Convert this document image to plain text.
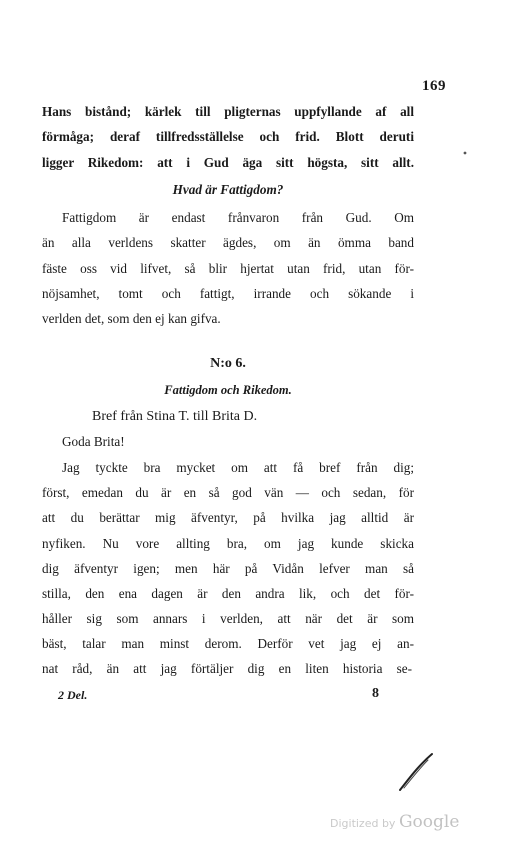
169
Hans bistånd; kärlek till pligternas uppfyllande af all
förmåga; deraf tillfredsställelse och frid. Blott deruti
ligger Rikedom: att i Gud äga sitt högsta, sitt allt.
Hvad är Fattigdom?
Fattigdom är endast frånvaron från Gud. Om
än alla verldens skatter ägdes, om än ömma band
fäste oss vid lifvet, så blir hjertat utan frid, utan för-
nöjsamhet, tomt och fattigt, irrande och sökande i
verlden det, som den ej kan gifva.
N:o 6.
Fattigdom och Rikedom.
Bref från Stina T. till Brita D.
Goda Brita!
Jag tyckte bra mycket om att få bref från dig;
först, emedan du är en så god vän — och sedan, för
att du berättar mig äfventyr, på hvilka jag alltid är
nyfiken. Nu vore allting bra, om jag kunde skicka
dig äfventyr igen; men här på Vidån lefver man så
stilla, den ena dagen är den andra lik, och det för-
håller sig som annars i verlden, att när det är som
bäst, talar man minst derom. Derför vet jag ej an-
nat råd, än att jag förtäljer dig en liten historia se-
2 Del.	8
Digitized by Google
